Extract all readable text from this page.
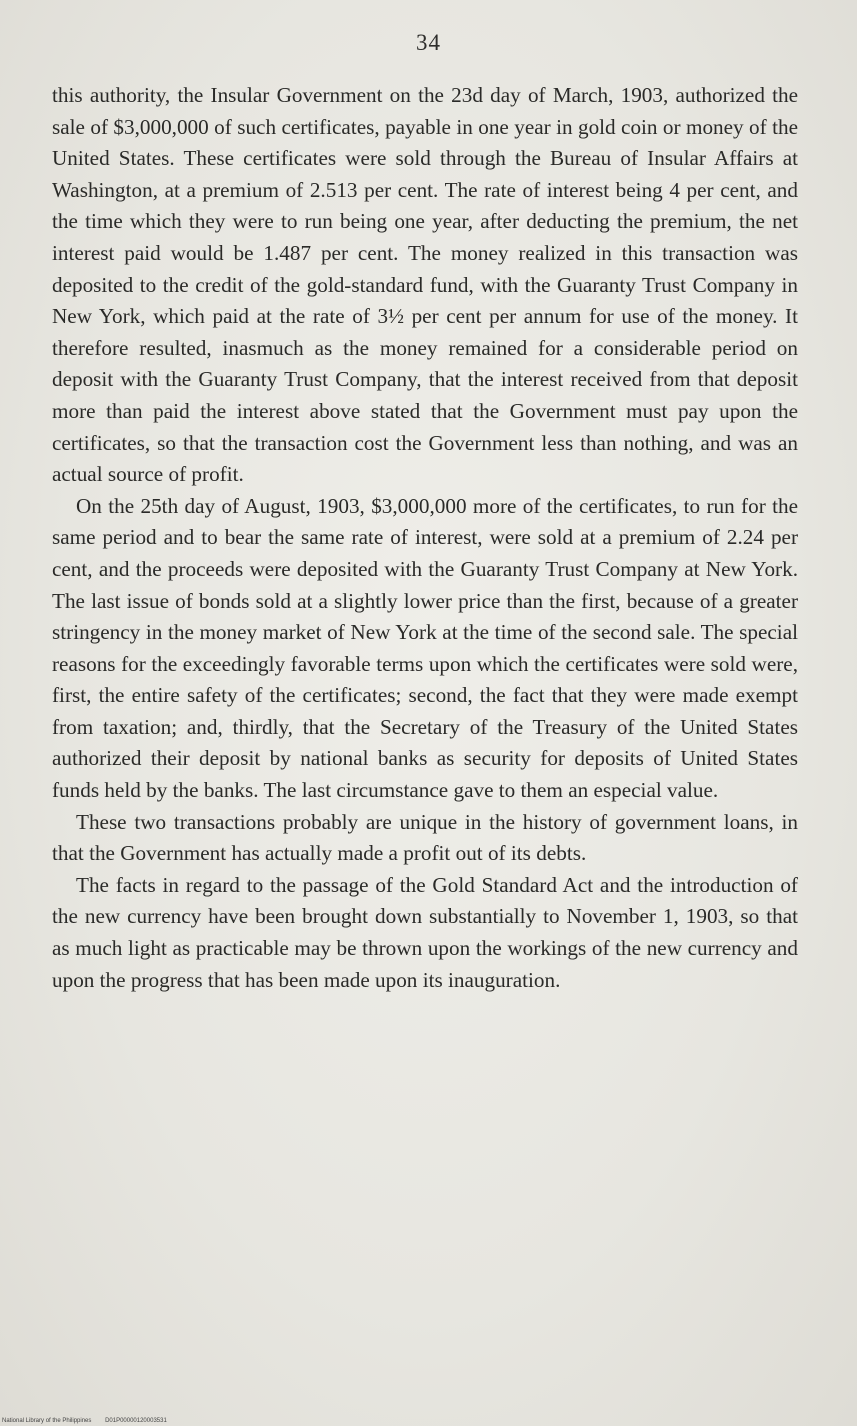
34

this authority, the Insular Government on the 23d day of March, 1903, authorized the sale of $3,000,000 of such certificates, payable in one year in gold coin or money of the United States. These certificates were sold through the Bureau of Insular Affairs at Washington, at a premium of 2.513 per cent. The rate of interest being 4 per cent, and the time which they were to run being one year, after deducting the premium, the net interest paid would be 1.487 per cent. The money realized in this transaction was deposited to the credit of the gold-standard fund, with the Guaranty Trust Company in New York, which paid at the rate of 3½ per cent per annum for use of the money. It therefore resulted, inasmuch as the money remained for a considerable period on deposit with the Guaranty Trust Company, that the interest received from that deposit more than paid the interest above stated that the Government must pay upon the certificates, so that the transaction cost the Government less than nothing, and was an actual source of profit.

On the 25th day of August, 1903, $3,000,000 more of the certificates, to run for the same period and to bear the same rate of interest, were sold at a premium of 2.24 per cent, and the proceeds were deposited with the Guaranty Trust Company at New York. The last issue of bonds sold at a slightly lower price than the first, because of a greater stringency in the money market of New York at the time of the second sale. The special reasons for the exceedingly favorable terms upon which the certificates were sold were, first, the entire safety of the certificates; second, the fact that they were made exempt from taxation; and, thirdly, that the Secretary of the Treasury of the United States authorized their deposit by national banks as security for deposits of United States funds held by the banks. The last circumstance gave to them an especial value.

These two transactions probably are unique in the history of government loans, in that the Government has actually made a profit out of its debts.

The facts in regard to the passage of the Gold Standard Act and the introduction of the new currency have been brought down substantially to November 1, 1903, so that as much light as practicable may be thrown upon the workings of the new currency and upon the progress that has been made upon its inauguration.

National Library of the Philippines D01P00000120003531
